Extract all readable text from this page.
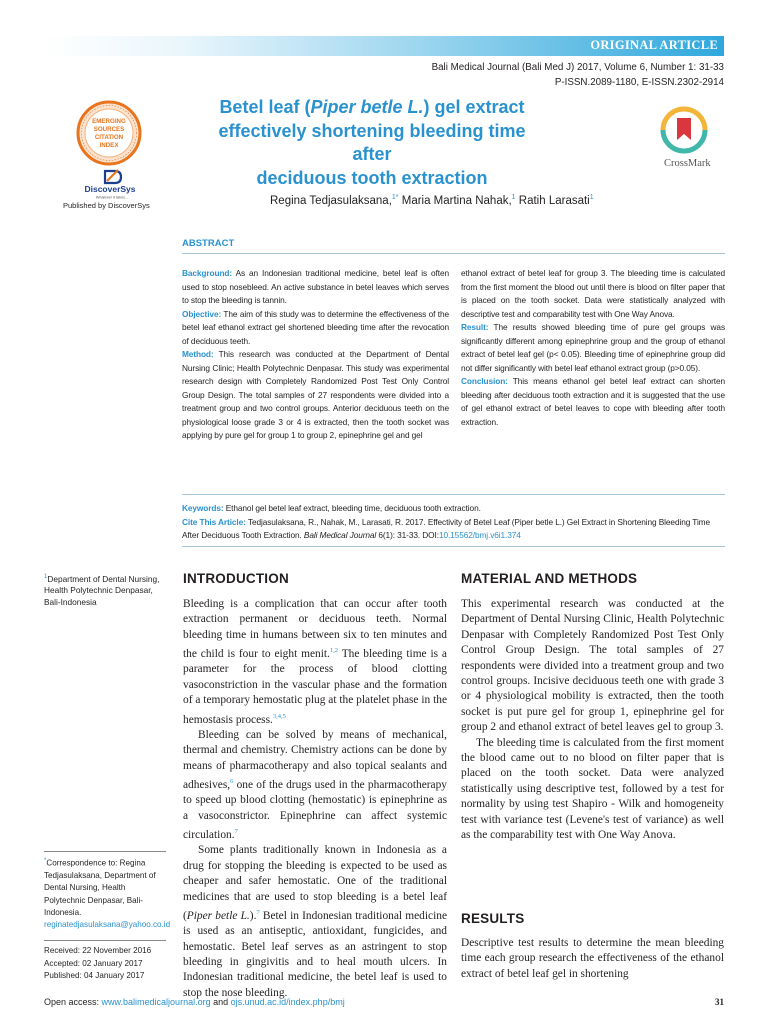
ORIGINAL ARTICLE
Bali Medical Journal (Bali Med J) 2017, Volume 6, Number 1: 31-33
P-ISSN.2089-1180, E-ISSN.2302-2914
EMERGING
SOURCES
CITATION
INDEX
DiscoverSys
Whatever it takes...
Published by DiscoverSys
Betel leaf (Piper betle L.) gel extract
effectively shortening bleeding time after
deciduous tooth extraction
CrossMark
Regina Tedjasulaksana,$^{1*}$ Maria Martina Nahak,$^1$ Ratih Larasati$^1$
ABSTRACT
Background: As an Indonesian traditional medicine, betel leaf is often used to stop nosebleed. An active substance in betel leaves which serves to stop the bleeding is tannin.
Objective: The aim of this study was to determine the effectiveness of the betel leaf ethanol extract gel shortened bleeding time after the revocation of deciduous teeth.
Method: This research was conducted at the Department of Dental Nursing Clinic; Health Polytechnic Denpasar. This study was experimental research design with Completely Randomized Post Test Only Control Group Design. The total samples of 27 respondents were divided into a treatment group and two control groups. Anterior deciduous teeth on the physiological loose grade 3 or 4 is extracted, then the tooth socket was applying by pure gel for group 1 to group 2, epinephrine gel and gel
ethanol extract of betel leaf for group 3. The bleeding time is calculated from the first moment the blood out until there is blood on filter paper that is placed on the tooth socket. Data were statistically analyzed with descriptive test and comparability test with One Way Anova.
Result: The results showed bleeding time of pure gel groups was significantly different among epinephrine group and the group of ethanol extract of betel leaf gel (p< 0.05). Bleeding time of epinephrine group did not differ significantly with betel leaf ethanol extract group (p>0.05).
Conclusion: This means ethanol gel betel leaf extract can shorten bleeding after deciduous tooth extraction and it is suggested that the use of gel ethanol extract of betel leaves to cope with bleeding after tooth extraction.
Keywords: Ethanol gel betel leaf extract, bleeding time, deciduous tooth extraction.
Cite This Article: Tedjasulaksana, R., Nahak, M., Larasati, R. 2017. Effectivity of Betel Leaf (Piper betle L.) Gel Extract in Shortening Bleeding Time After Deciduous Tooth Extraction. Bali Medical Journal 6(1): 31-33. DOI:10.15562/bmj.v6i1.374
$^1$Department of Dental Nursing, Health Polytechnic Denpasar, Bali-Indonesia
*Correspondence to: Regina Tedjasulaksana, Department of Dental Nursing, Health Polytechnic Denpasar, Bali-Indonesia.
reginatedjasulaksana@yahoo.co.id
Received: 22 November 2016
Accepted: 02 January 2017
Published: 04 January 2017
INTRODUCTION

Bleeding is a complication that can occur after tooth extraction permanent or deciduous teeth. Normal bleeding time in humans between six to ten minutes and the child is four to eight menit.$^{1,2}$ The bleeding time is a parameter for the process of blood clotting vasoconstriction in the vascular phase and the formation of a temporary hemostatic plug at the platelet phase in the hemostasis process.$^{3,4,5}$

Bleeding can be solved by means of mechanical, thermal and chemistry. Chemistry actions can be done by means of pharmacotherapy and also topical sealants and adhesives,$^6$ one of the drugs used in the pharmacotherapy to speed up blood clotting (hemostatic) is epinephrine as a vasoconstrictor. Epinephrine can affect systemic circulation.$^7$

Some plants traditionally known in Indonesia as a drug for stopping the bleeding is expected to be used as cheaper and safer hemostatic. One of the traditional medicines that are used to stop bleeding is a betel leaf (Piper betle L.).$^7$ Betel in Indonesian traditional medicine is used as an antiseptic, antioxidant, fungicides, and hemostatic. Betel leaf serves as an astringent to stop bleeding in gingivitis and to heal mouth ulcers. In Indonesian traditional medicine, the betel leaf is used to stop the nose bleeding.

MATERIAL AND METHODS

This experimental research was conducted at the Department of Dental Nursing Clinic, Health Polytechnic Denpasar with Completely Randomized Post Test Only Control Group Design. The total samples of 27 respondents were divided into a treatment group and two control groups. Incisive deciduous teeth one with grade 3 or 4 physiological mobility is extracted, then the tooth socket is put pure gel for group 1, epinephrine gel for group 2 and ethanol extract of betel leaves gel to group 3.

The bleeding time is calculated from the first moment the blood came out to no blood on filter paper that is placed on the tooth socket. Data were analyzed statistically using descriptive test, followed by a test for normality by using test Shapiro - Wilk and homogeneity test with variance test (Levene's test of variance) as well as the comparability test with One Way Anova.

RESULTS

Descriptive test results to determine the mean bleeding time each group research the effectiveness of the ethanol extract of betel leaf gel in shortening

Open access: www.balimedicaljournal.org and ojs.unud.ac.id/index.php/bmj	31
